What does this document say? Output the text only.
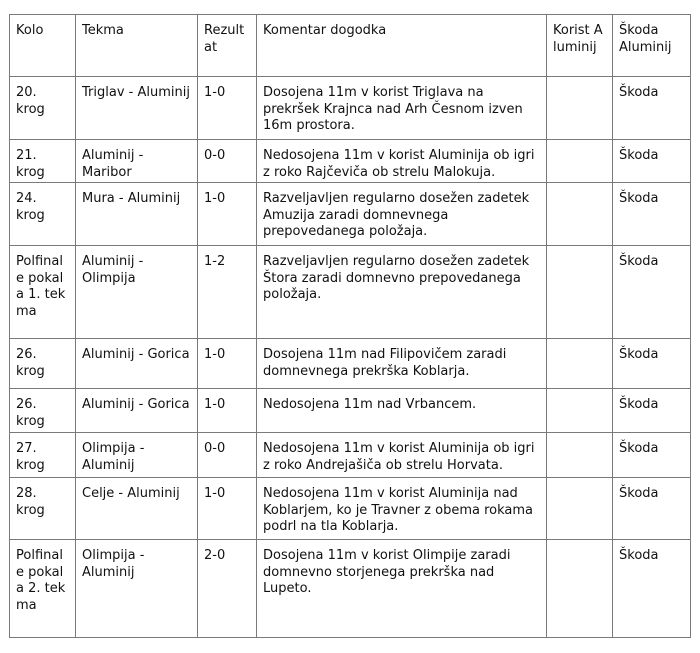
Kolo	Tekma	Rezultat	Komentar dogodka	Korist Aluminij	Škoda Aluminij
20. krog	Triglav - Aluminij	1-0	Dosojena 11m v korist Triglava na prekršek Krajnca nad Arh Česnom izven 16m prostora.		Škoda
21. krog	Aluminij - Maribor	0-0	Nedosojena 11m v korist Aluminija ob igri z roko Rajčeviča ob strelu Malokuja.		Škoda
24. krog	Mura - Aluminij	1-0	Razveljavljen regularno dosežen zadetek Amuzija zaradi domnevnega prepovedanega položaja.		Škoda
Polfinale pokala 1. tekma	Aluminij - Olimpija	1-2	Razveljavljen regularno dosežen zadetek Štora zaradi domnevno prepovedanega položaja.		Škoda
26. krog	Aluminij - Gorica	1-0	Dosojena 11m nad Filipovičem zaradi domnevnega prekrška Koblarja.		Škoda
26. krog	Aluminij - Gorica	1-0	Nedosojena 11m nad Vrbancem.		Škoda
27. krog	Olimpija - Aluminij	0-0	Nedosojena 11m v korist Aluminija ob igri z roko Andrejašiča ob strelu Horvata.		Škoda
28. krog	Celje - Aluminij	1-0	Nedosojena 11m v korist Aluminija nad Koblarjem, ko je Travner z obema rokama podrl na tla Koblarja.		Škoda
Polfinale pokala 2. tekma	Olimpija - Aluminij	2-0	Dosojena 11m v korist Olimpije zaradi domnevno storjenega prekrška nad Lupeto.		Škoda
